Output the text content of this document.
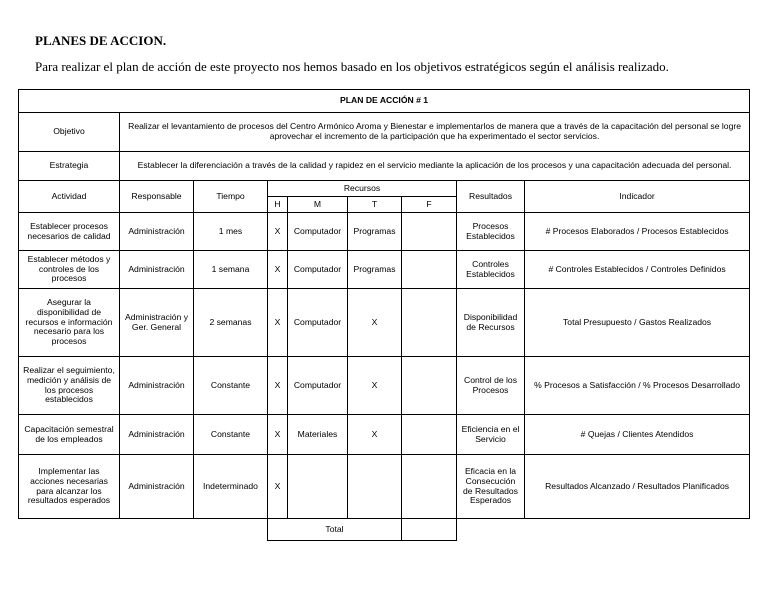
PLANES DE ACCION.
Para realizar el plan de acción de este proyecto nos hemos basado en los objetivos estratégicos según el análisis realizado.
PLAN DE ACCIÓN # 1								
Objetivo	Realizar el levantamiento de procesos del Centro Armónico Aroma y Bienestar e implementarlos de manera que a través de la capacitación del personal se logre aprovechar el incremento de la participación que ha experimentado el sector servicios.							
Estrategia	Establecer la diferenciación a través de la calidad y rapidez en el servicio mediante la aplicación de los procesos y una capacitación adecuada del personal.							
Actividad	Responsable	Tiempo	Recursos				Resultados	Indicador
			H	M	T	F		
Establecer procesos necesarios de calidad	Administración	1 mes	X	Computador	Programas		Procesos Establecidos	# Procesos Elaborados / Procesos Establecidos
Establecer métodos y controles de los procesos	Administración	1 semana	X	Computador	Programas		Controles Establecidos	# Controles Establecidos / Controles Definidos
Asegurar la disponibilidad de recursos e información necesario para los procesos	Administración y Ger. General	2 semanas	X	Computador	X		Disponibilidad de Recursos	Total Presupuesto / Gastos Realizados
Realizar el seguimiento, medición y análisis de los procesos establecidos	Administración	Constante	X	Computador	X		Control de los Procesos	% Procesos a Satisfacción / % Procesos Desarrollado
Capacitación semestral de los empleados	Administración	Constante	X	Materiales	X		Eficiencia en el Servicio	# Quejas / Clientes Atendidos
Implementar las acciones necesarias para alcanzar los resultados esperados	Administración	Indeterminado	X				Eficacia en la Consecución de Resultados Esperados	Resultados Alcanzado / Resultados Planificados
			Total					
